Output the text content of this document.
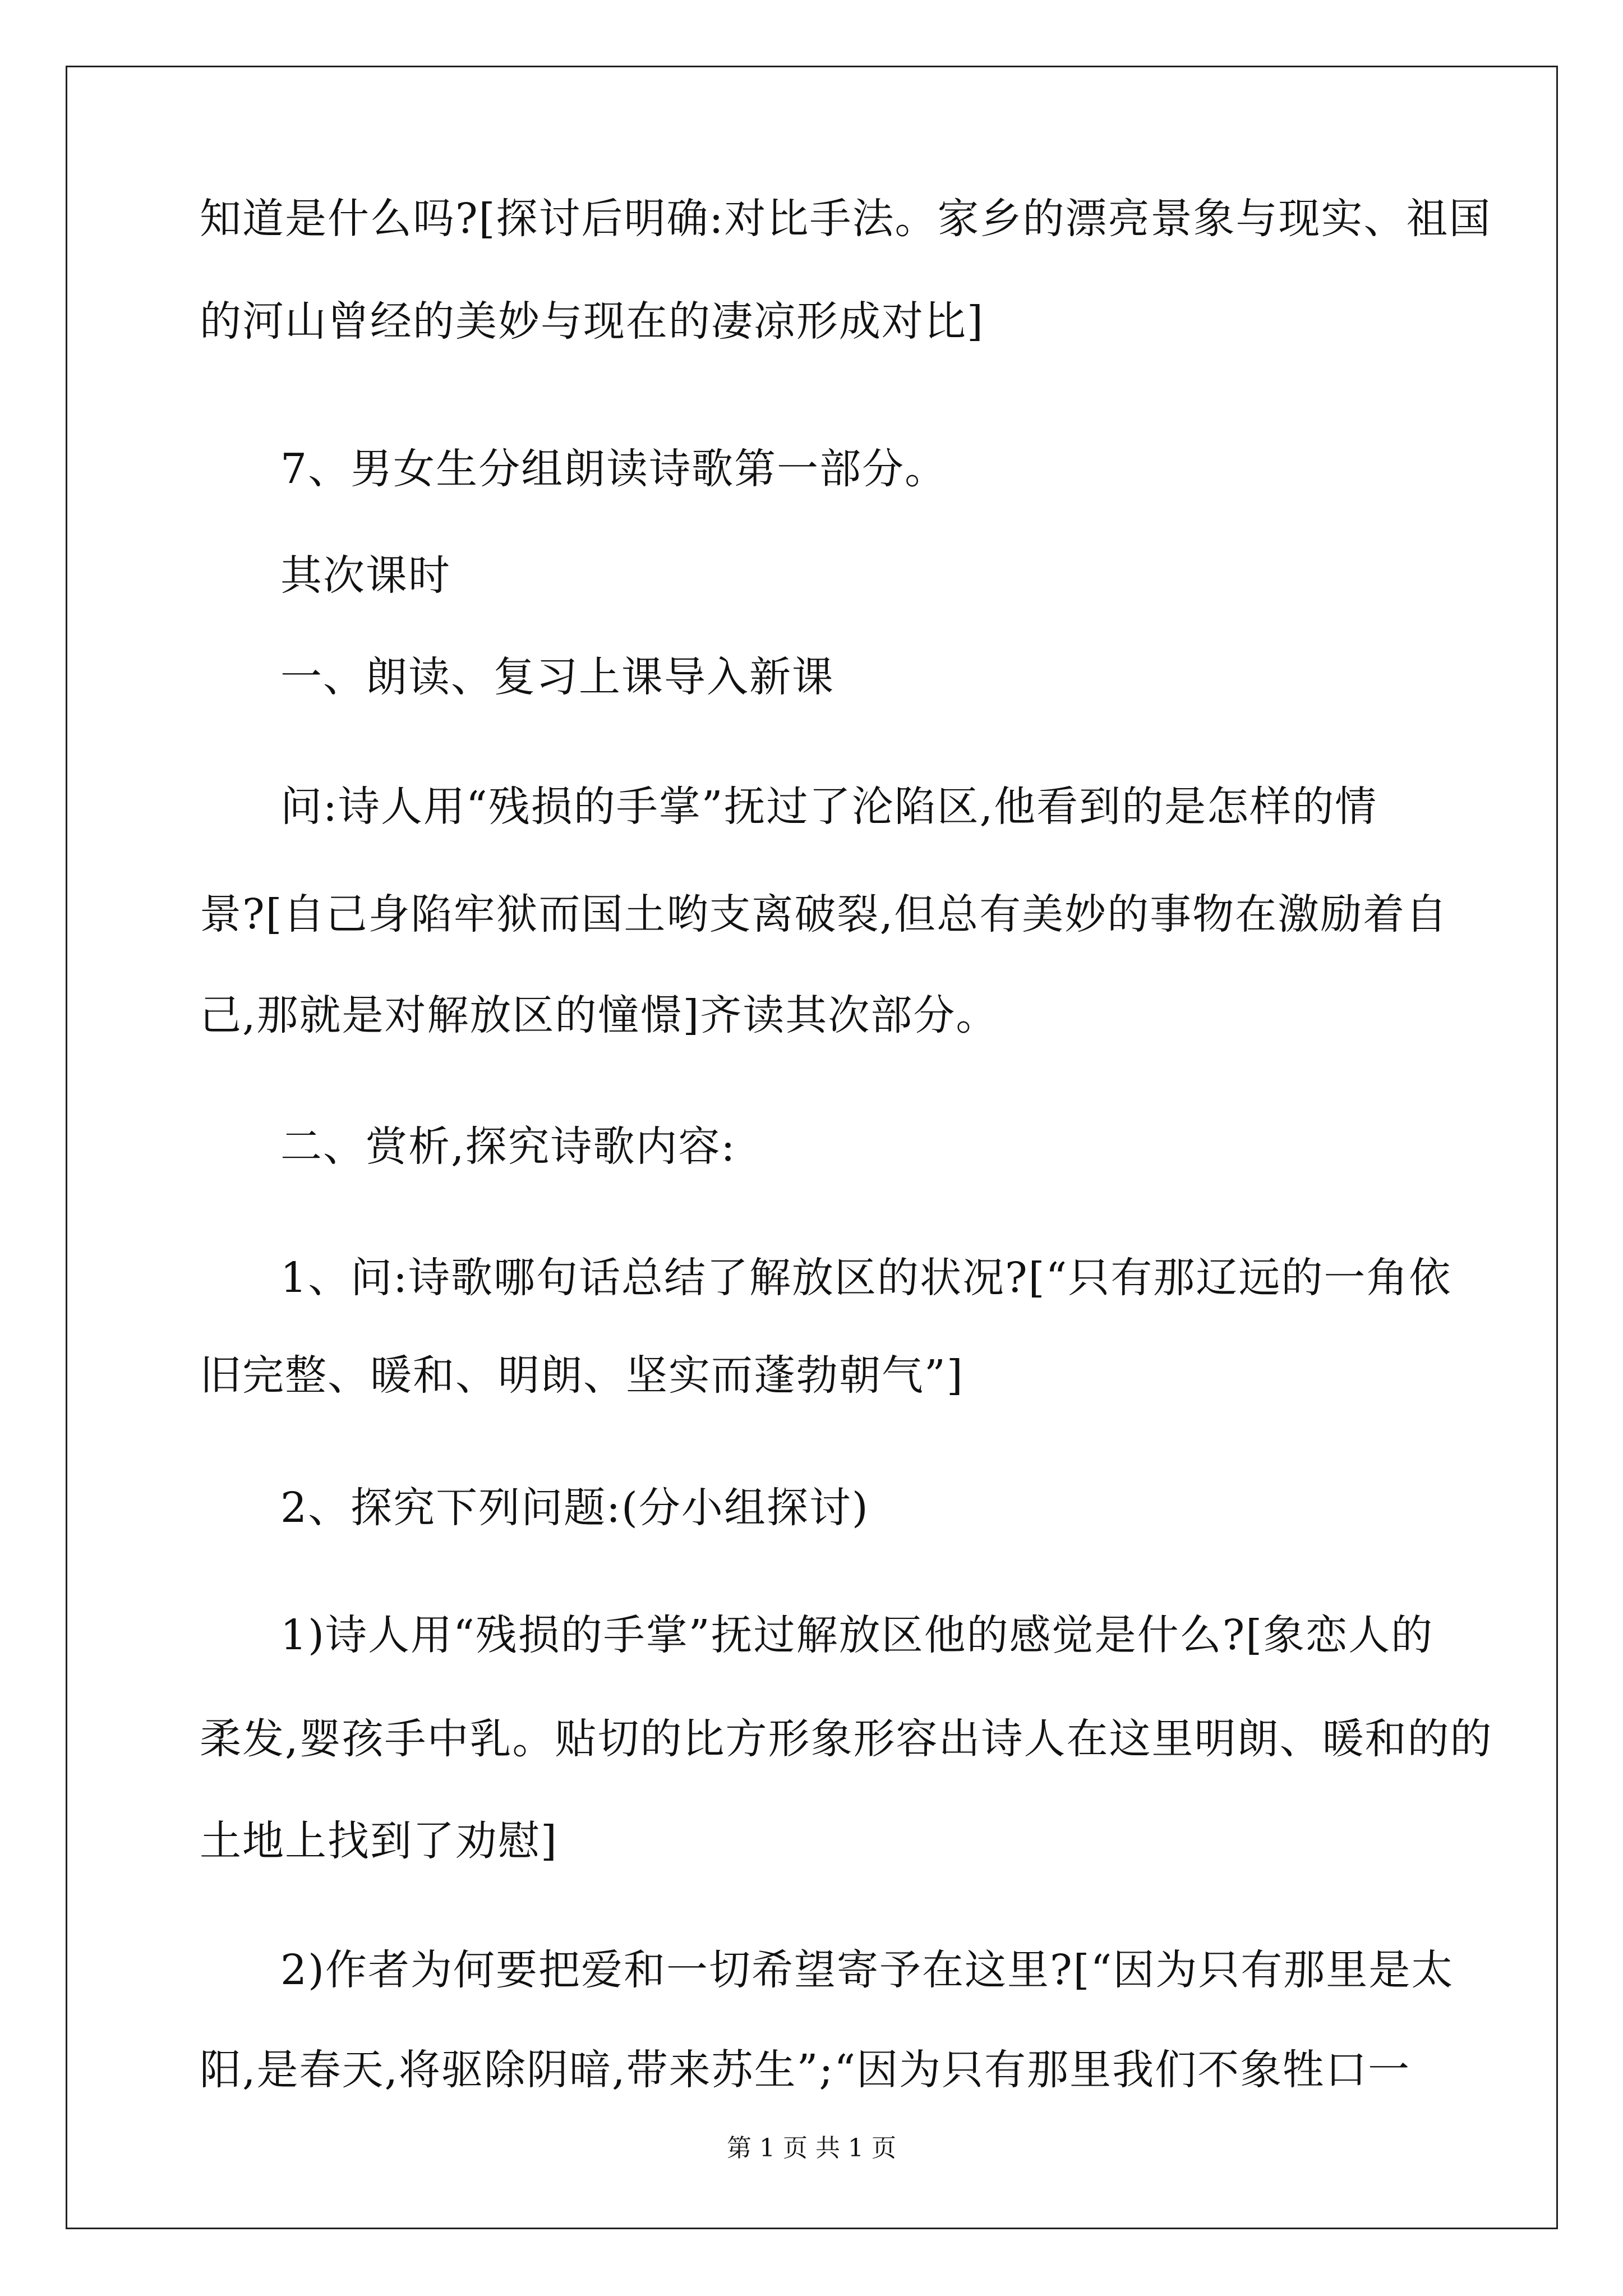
知道是什么吗?[探讨后明确:对比手法。家乡的漂亮景象与现实、祖国
的河山曾经的美妙与现在的凄凉形成对比]
7、男女生分组朗读诗歌第一部分。
其次课时
一、朗读、复习上课导入新课
问:诗人用“残损的手掌”抚过了沦陷区,他看到的是怎样的情
景?[自己身陷牢狱而国土哟支离破裂,但总有美妙的事物在激励着自
己,那就是对解放区的憧憬]齐读其次部分。
二、赏析,探究诗歌内容:
1、问:诗歌哪句话总结了解放区的状况?[“只有那辽远的一角依
旧完整、暖和、明朗、坚实而蓬勃朝气”]
2、探究下列问题:(分小组探讨)
1)诗人用“残损的手掌”抚过解放区他的感觉是什么?[象恋人的
柔发,婴孩手中乳。贴切的比方形象形容出诗人在这里明朗、暖和的的
土地上找到了劝慰]
2)作者为何要把爱和一切希望寄予在这里?[“因为只有那里是太
阳,是春天,将驱除阴暗,带来苏生”;“因为只有那里我们不象牲口一
第 1 页 共 1 页
